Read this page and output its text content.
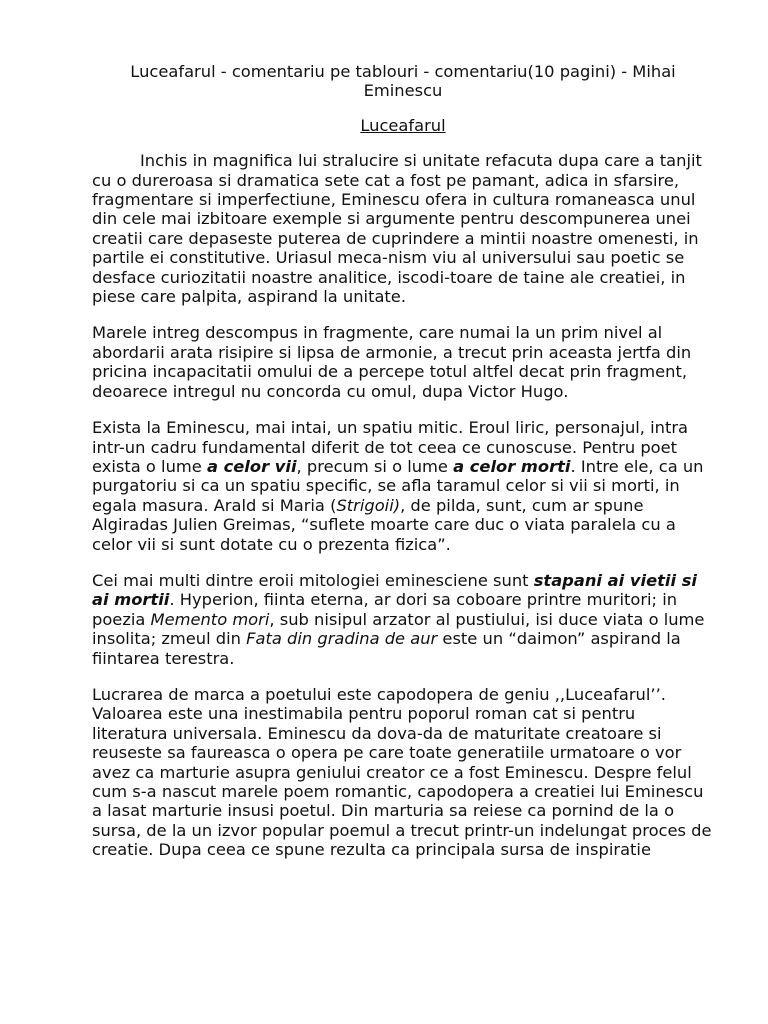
Luceafarul - comentariu pe tablouri - comentariu(10 pagini) - Mihai Eminescu
Luceafarul

Inchis in magnifica lui stralucire si unitate refacuta dupa care a tanjit cu o dureroasa si dramatica sete cat a fost pe pamant, adica in sfarsire, fragmentare si imperfectiune, Eminescu ofera in cultura romaneasca unul din cele mai izbitoare exemple si argumente pentru descompunerea unei creatii care depaseste puterea de cuprindere a mintii noastre omenesti, in partile ei constitutive. Uriasul meca-nism viu al universului sau poetic se desface curiozitatii noastre analitice, iscodi-toare de taine ale creatiei, in piese care palpita, aspirand la unitate.

Marele intreg descompus in fragmente, care numai la un prim nivel al abordarii arata risipire si lipsa de armonie, a trecut prin aceasta jertfa din pricina incapacitatii omului de a percepe totul altfel decat prin fragment, deoarece intregul nu concorda cu omul, dupa Victor Hugo.

Exista la Eminescu, mai intai, un spatiu mitic. Eroul liric, personajul, intra intr-un cadru fundamental diferit de tot ceea ce cunoscuse. Pentru poet exista o lume a celor vii, precum si o lume a celor morti. Intre ele, ca un purgatoriu si ca un spatiu specific, se afla taramul celor si vii si morti, in egala masura. Arald si Maria (Strigoii), de pilda, sunt, cum ar spune Algiradas Julien Greimas, “suflete moarte care duc o viata paralela cu a celor vii si sunt dotate cu o prezenta fizica”.

Cei mai multi dintre eroii mitologiei eminesciene sunt stapani ai vietii si ai mortii. Hyperion, fiinta eterna, ar dori sa coboare printre muritori; in poezia Memento mori, sub nisipul arzator al pustiului, isi duce viata o lume insolita; zmeul din Fata din gradina de aur este un “daimon” aspirand la fiintarea terestra.

Lucrarea de marca a poetului este capodopera de geniu ,,Luceafarul’’. Valoarea este una inestimabila pentru poporul roman cat si pentru literatura universala. Eminescu da dova-da de maturitate creatoare si reuseste sa faureasca o opera pe care toate generatiile urmatoare o vor avez ca marturie asupra geniului creator ce a fost Eminescu. Despre felul cum s-a nascut marele poem romantic, capodopera a creatiei lui Eminescu a lasat marturie insusi poetul. Din marturia sa reiese ca pornind de la o sursa, de la un izvor popular poemul a trecut printr-un indelungat proces de creatie. Dupa ceea ce spune rezulta ca principala sursa de inspiratie
